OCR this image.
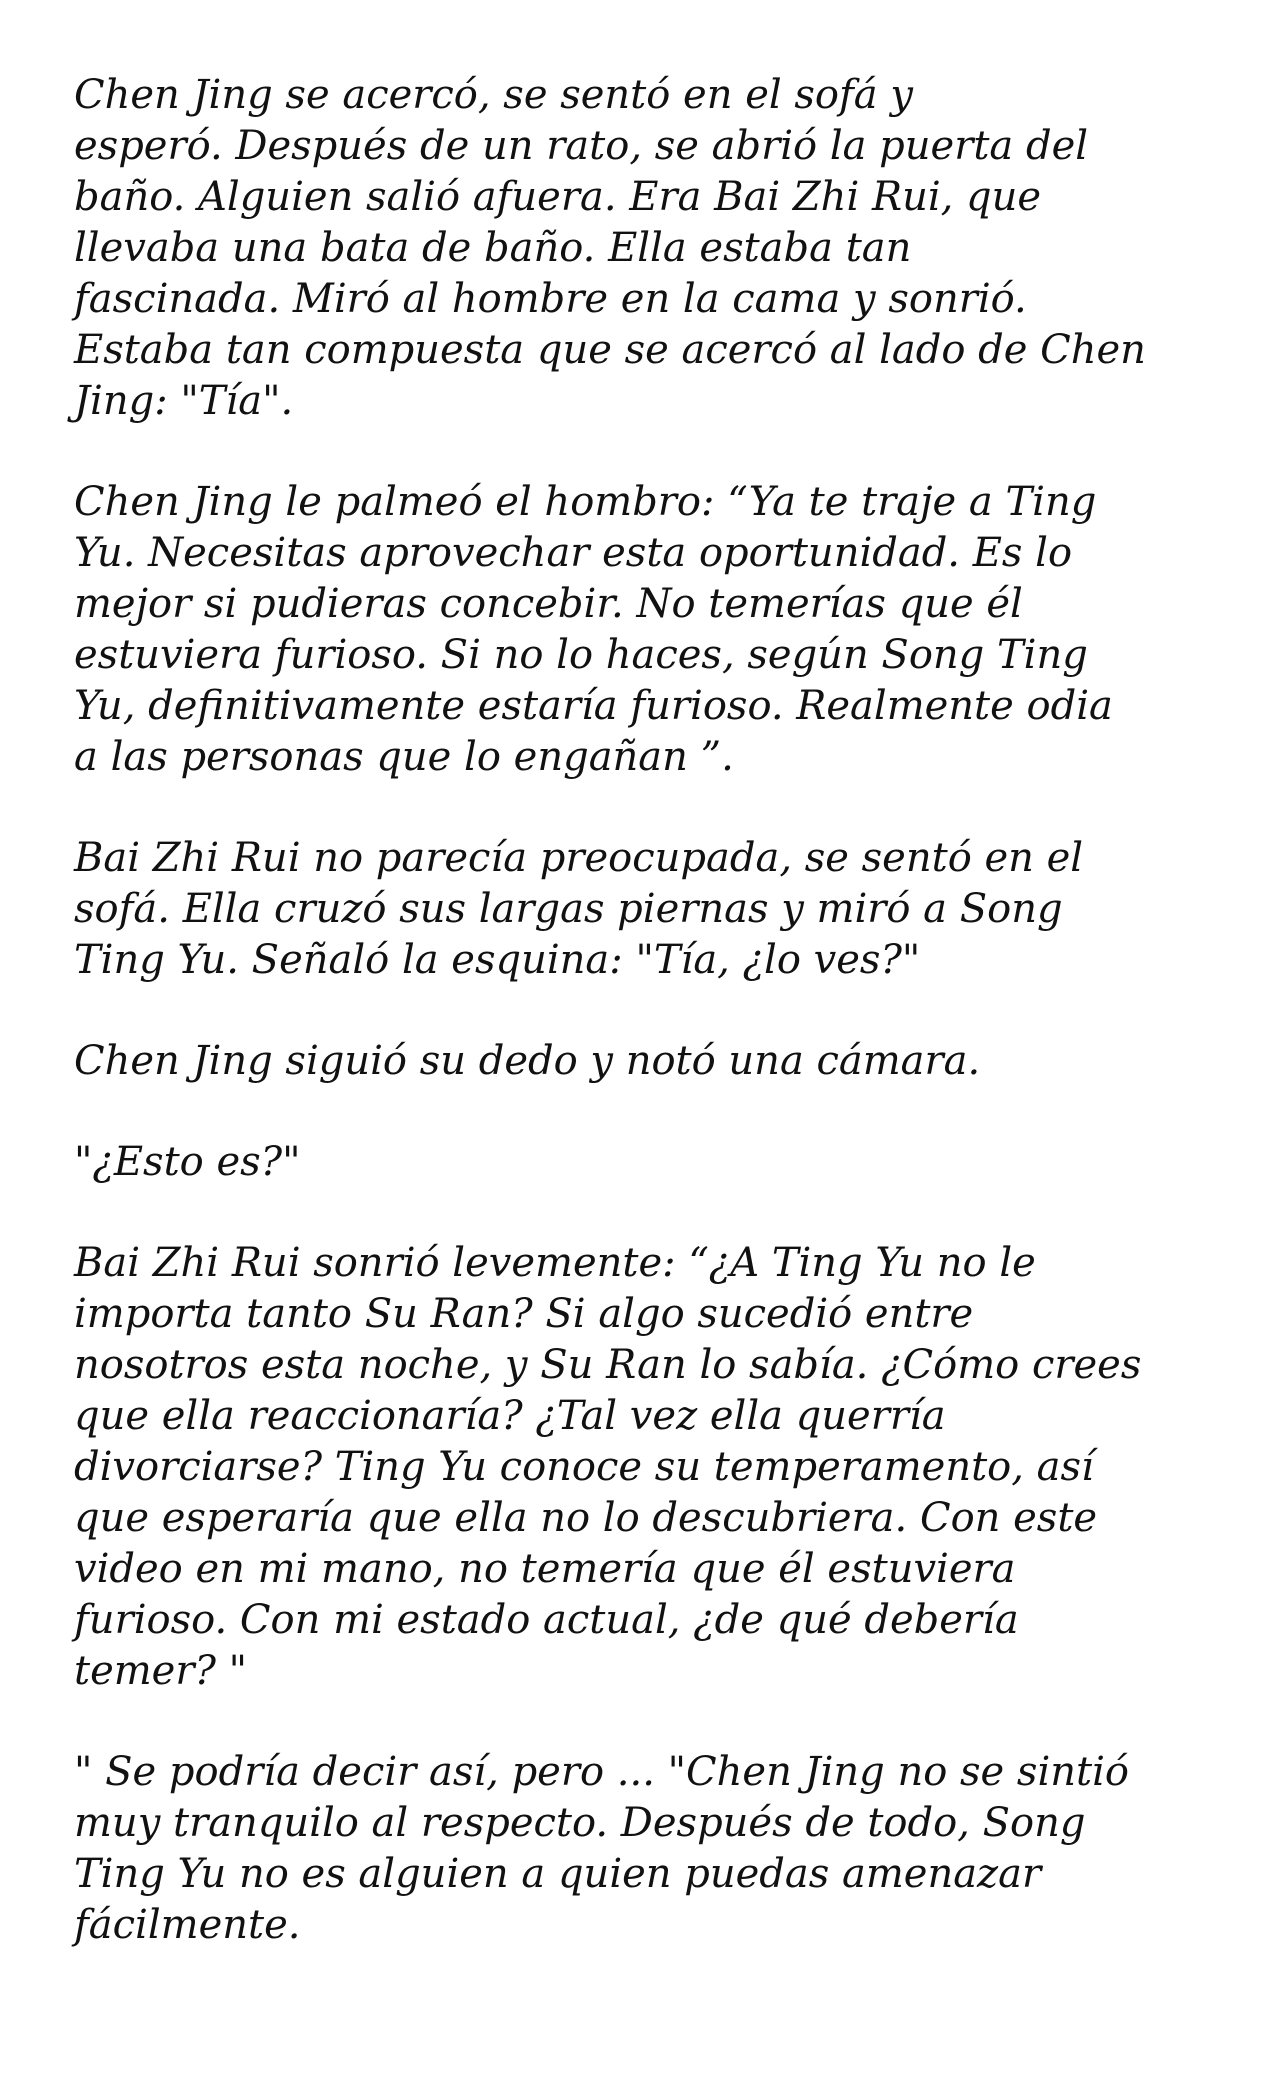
Chen Jing se acercó, se sentó en el sofá y
esperó. Después de un rato, se abrió la puerta del
baño. Alguien salió afuera. Era Bai Zhi Rui, que
llevaba una bata de baño. Ella estaba tan
fascinada. Miró al hombre en la cama y sonrió.
Estaba tan compuesta que se acercó al lado de Chen
Jing: "Tía".

Chen Jing le palmeó el hombro: “Ya te traje a Ting
Yu. Necesitas aprovechar esta oportunidad. Es lo
mejor si pudieras concebir. No temerías que él
estuviera furioso. Si no lo haces, según Song Ting
Yu, definitivamente estaría furioso. Realmente odia
a las personas que lo engañan ”.

Bai Zhi Rui no parecía preocupada, se sentó en el
sofá. Ella cruzó sus largas piernas y miró a Song
Ting Yu. Señaló la esquina: "Tía, ¿lo ves?"

Chen Jing siguió su dedo y notó una cámara.

"¿Esto es?"

Bai Zhi Rui sonrió levemente: “¿A Ting Yu no le
importa tanto Su Ran? Si algo sucedió entre
nosotros esta noche, y Su Ran lo sabía. ¿Cómo crees
que ella reaccionaría? ¿Tal vez ella querría
divorciarse? Ting Yu conoce su temperamento, así
que esperaría que ella no lo descubriera. Con este
video en mi mano, no temería que él estuviera
furioso. Con mi estado actual, ¿de qué debería
temer? "

" Se podría decir así, pero ... "Chen Jing no se sintió
muy tranquilo al respecto. Después de todo, Song
Ting Yu no es alguien a quien puedas amenazar
fácilmente.
